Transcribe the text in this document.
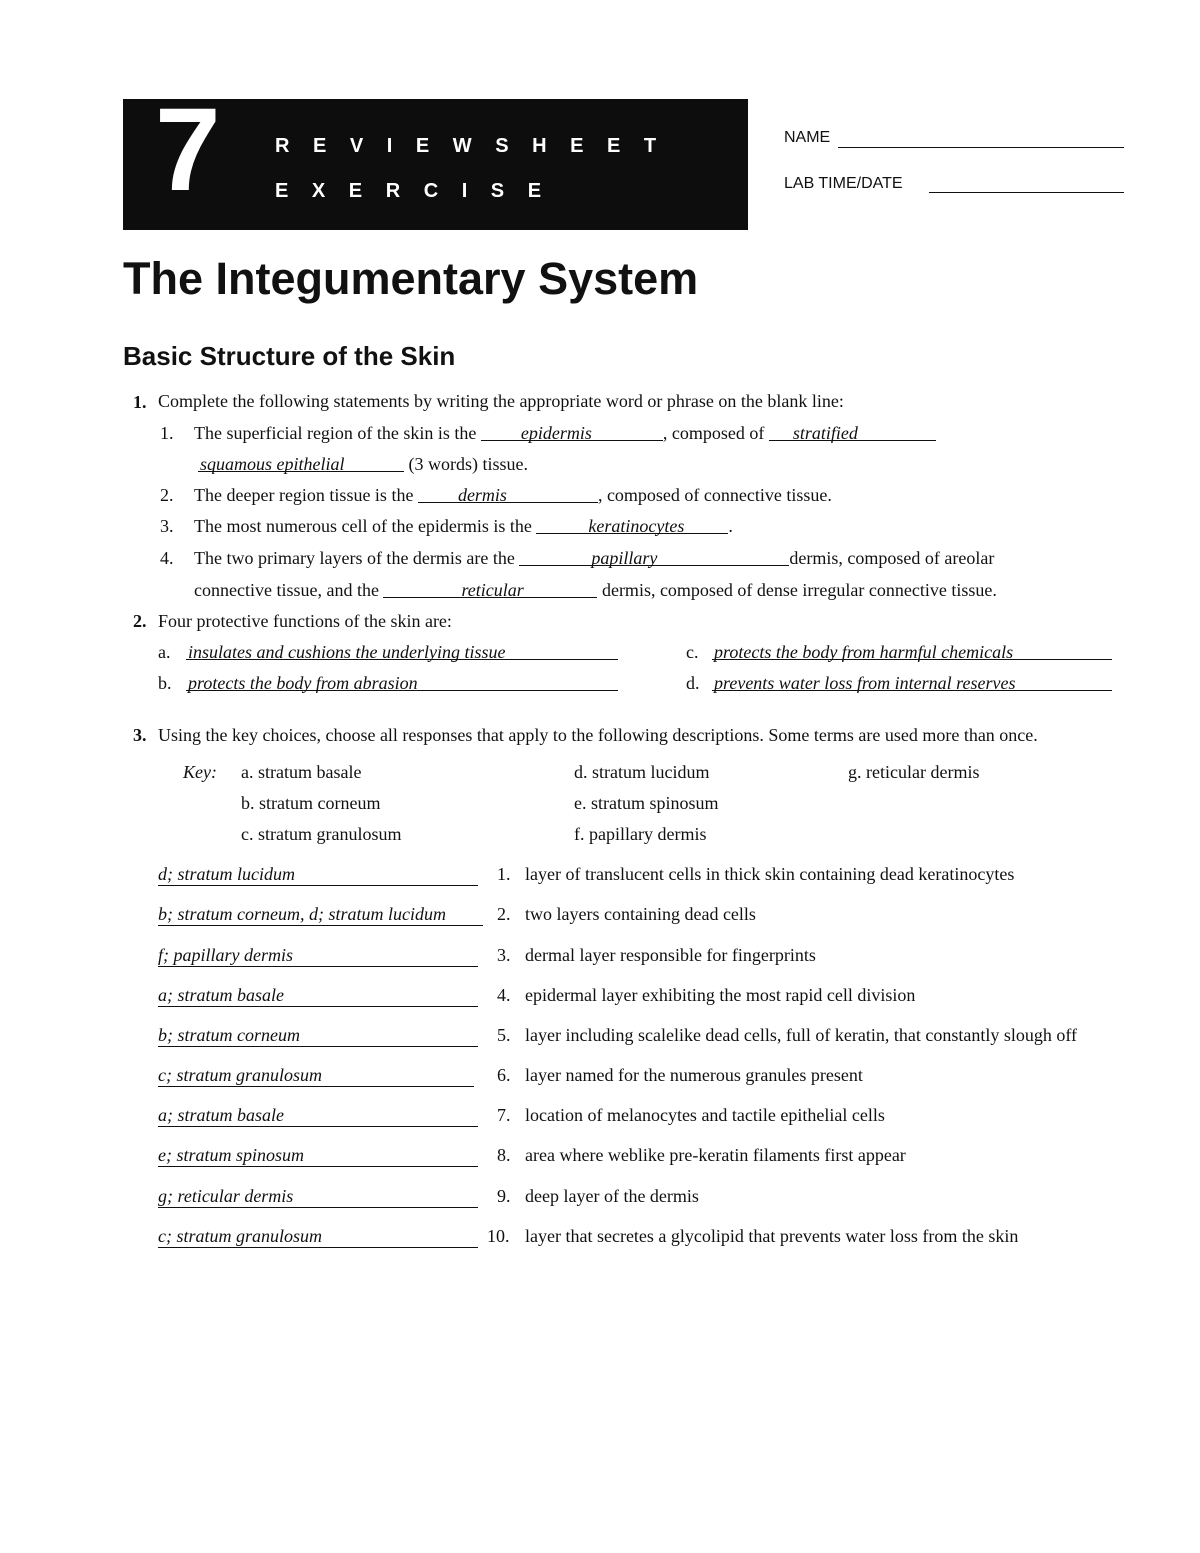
7	R E V I E W S H E E T
E X E R C I S E
NAME
LAB TIME/DATE
The Integumentary System
Basic Structure of the Skin
1. Complete the following statements by writing the appropriate word or phrase on the blank line:
1. The superficial region of the skin is the epidermis	, composed of stratified
squamous epithelial	(3 words) tissue.
2. The deeper region tissue is the dermis	, composed of connective tissue.
3. The most numerous cell of the epidermis is the	keratinocytes .
4. The two primary layers of the dermis are the	papillary	dermis, composed of areolar
connective tissue, and the	reticular	dermis, composed of dense irregular connective tissue.
2. Four protective functions of the skin are:
a. insulates and cushions the underlying tissue
b. protects the body from abrasion
c. protects the body from harmful chemicals
d. prevents water loss from internal reserves
3. Using the key choices, choose all responses that apply to the following descriptions. Some terms are used more than once.
Key: a. stratum basale
b. stratum corneum
c. stratum granulosum
d. stratum lucidum
e. stratum spinosum
f. papillary dermis
g. reticular dermis
d; stratum lucidum	1. layer of translucent cells in thick skin containing dead keratinocytes
b; stratum corneum, d; stratum lucidum	2. two layers containing dead cells
f; papillary dermis	3. dermal layer responsible for fingerprints
a; stratum basale	4. epidermal layer exhibiting the most rapid cell division
b; stratum corneum	5. layer including scalelike dead cells, full of keratin, that constantly slough off
c; stratum granulosum	6. layer named for the numerous granules present
a; stratum basale	7. location of melanocytes and tactile epithelial cells
e; stratum spinosum	8. area where weblike pre-keratin filaments first appear
g; reticular dermis	9. deep layer of the dermis
c; stratum granulosum	10. layer that secretes a glycolipid that prevents water loss from the skin
